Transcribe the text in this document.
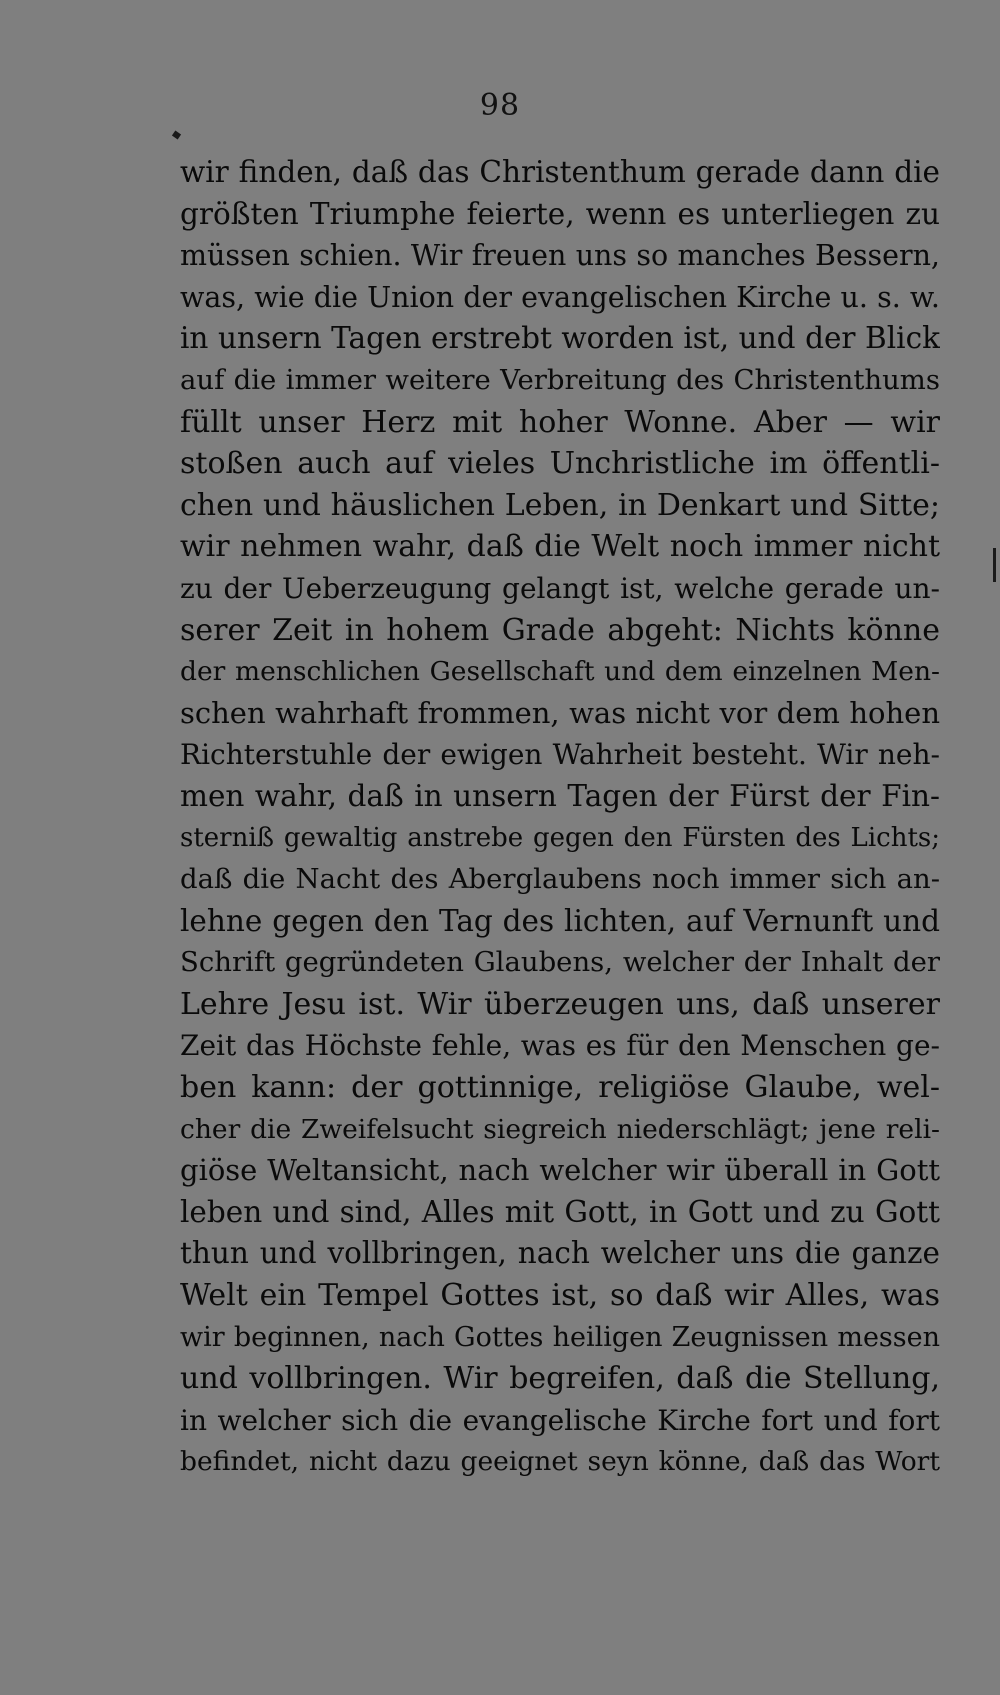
98
wir finden, daß das Christenthum gerade dann die
größten Triumphe feierte, wenn es unterliegen zu
müssen schien. Wir freuen uns so manches Bessern,
was, wie die Union der evangelischen Kirche u. s. w.
in unsern Tagen erstrebt worden ist, und der Blick
auf die immer weitere Verbreitung des Christenthums
füllt unser Herz mit hoher Wonne. Aber — wir
stoßen auch auf vieles Unchristliche im öffentli-
chen und häuslichen Leben, in Denkart und Sitte;
wir nehmen wahr, daß die Welt noch immer nicht
zu der Ueberzeugung gelangt ist, welche gerade un-
serer Zeit in hohem Grade abgeht: Nichts könne
der menschlichen Gesellschaft und dem einzelnen Men-
schen wahrhaft frommen, was nicht vor dem hohen
Richterstuhle der ewigen Wahrheit besteht. Wir neh-
men wahr, daß in unsern Tagen der Fürst der Fin-
sterniß gewaltig anstrebe gegen den Fürsten des Lichts;
daß die Nacht des Aberglaubens noch immer sich an-
lehne gegen den Tag des lichten, auf Vernunft und
Schrift gegründeten Glaubens, welcher der Inhalt der
Lehre Jesu ist. Wir überzeugen uns, daß unserer
Zeit das Höchste fehle, was es für den Menschen ge-
ben kann: der gottinnige, religiöse Glaube, wel-
cher die Zweifelsucht siegreich niederschlägt; jene reli-
giöse Weltansicht, nach welcher wir überall in Gott
leben und sind, Alles mit Gott, in Gott und zu Gott
thun und vollbringen, nach welcher uns die ganze
Welt ein Tempel Gottes ist, so daß wir Alles, was
wir beginnen, nach Gottes heiligen Zeugnissen messen
und vollbringen. Wir begreifen, daß die Stellung,
in welcher sich die evangelische Kirche fort und fort
befindet, nicht dazu geeignet seyn könne, daß das Wort
